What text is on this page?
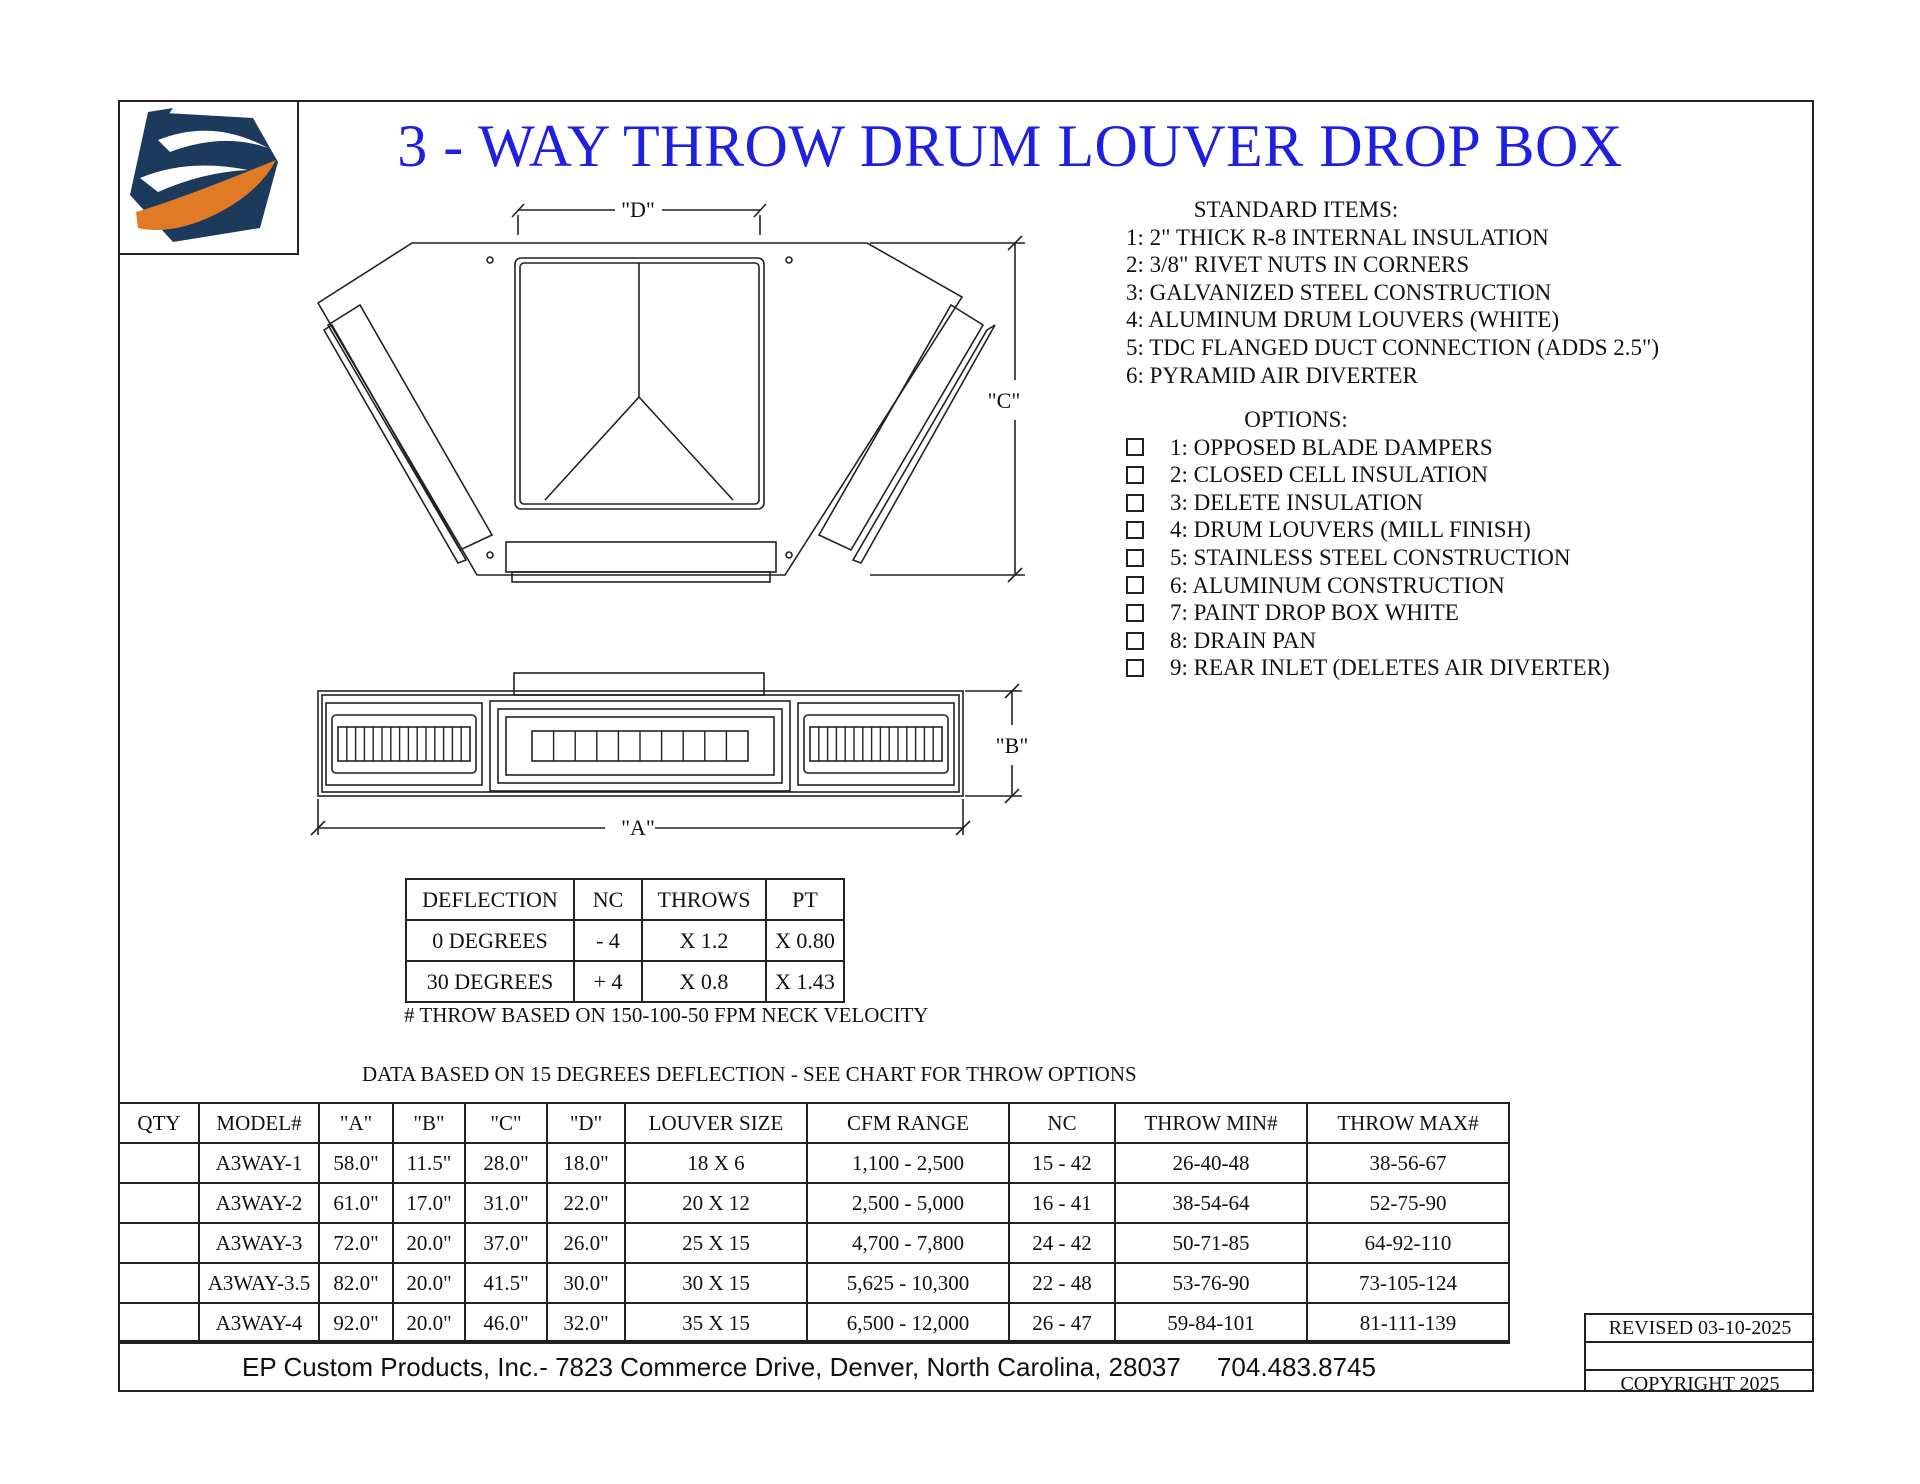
3 - WAY THROW DRUM LOUVER DROP BOX
"D"
"C"
"B"
"A"
STANDARD ITEMS:
1: 2" THICK R-8 INTERNAL INSULATION
2: 3/8" RIVET NUTS IN CORNERS
3: GALVANIZED STEEL CONSTRUCTION
4: ALUMINUM DRUM LOUVERS (WHITE)
5: TDC FLANGED DUCT CONNECTION (ADDS 2.5")
6: PYRAMID AIR DIVERTER
OPTIONS:
1: OPPOSED BLADE DAMPERS
2: CLOSED CELL INSULATION
3: DELETE INSULATION
4: DRUM LOUVERS (MILL FINISH)
5: STAINLESS STEEL CONSTRUCTION
6: ALUMINUM CONSTRUCTION
7: PAINT DROP BOX WHITE
8: DRAIN PAN
9: REAR INLET (DELETES AIR DIVERTER)
DEFLECTION	NC	THROWS	PT
0 DEGREES	- 4	X 1.2	X 0.80
30 DEGREES	+ 4	X 0.8	X 1.43
# THROW BASED ON 150-100-50 FPM NECK VELOCITY
DATA BASED ON 15 DEGREES DEFLECTION - SEE CHART FOR THROW OPTIONS
QTY	MODEL#	"A"	"B"	"C"	"D"	LOUVER SIZE	CFM RANGE	NC	THROW MIN#	THROW MAX#
	A3WAY-1	58.0"	11.5"	28.0"	18.0"	18 X 6	1,100 - 2,500	15 - 42	26-40-48	38-56-67
	A3WAY-2	61.0"	17.0"	31.0"	22.0"	20 X 12	2,500 - 5,000	16 - 41	38-54-64	52-75-90
	A3WAY-3	72.0"	20.0"	37.0"	26.0"	25 X 15	4,700 - 7,800	24 - 42	50-71-85	64-92-110
	A3WAY-3.5	82.0"	20.0"	41.5"	30.0"	30 X 15	5,625 - 10,300	22 - 48	53-76-90	73-105-124
	A3WAY-4	92.0"	20.0"	46.0"	32.0"	35 X 15	6,500 - 12,000	26 - 47	59-84-101	81-111-139
EP Custom Products, Inc.- 7823 Commerce Drive, Denver, North Carolina, 28037     704.483.8745
REVISED 03-10-2025
COPYRIGHT 2025
